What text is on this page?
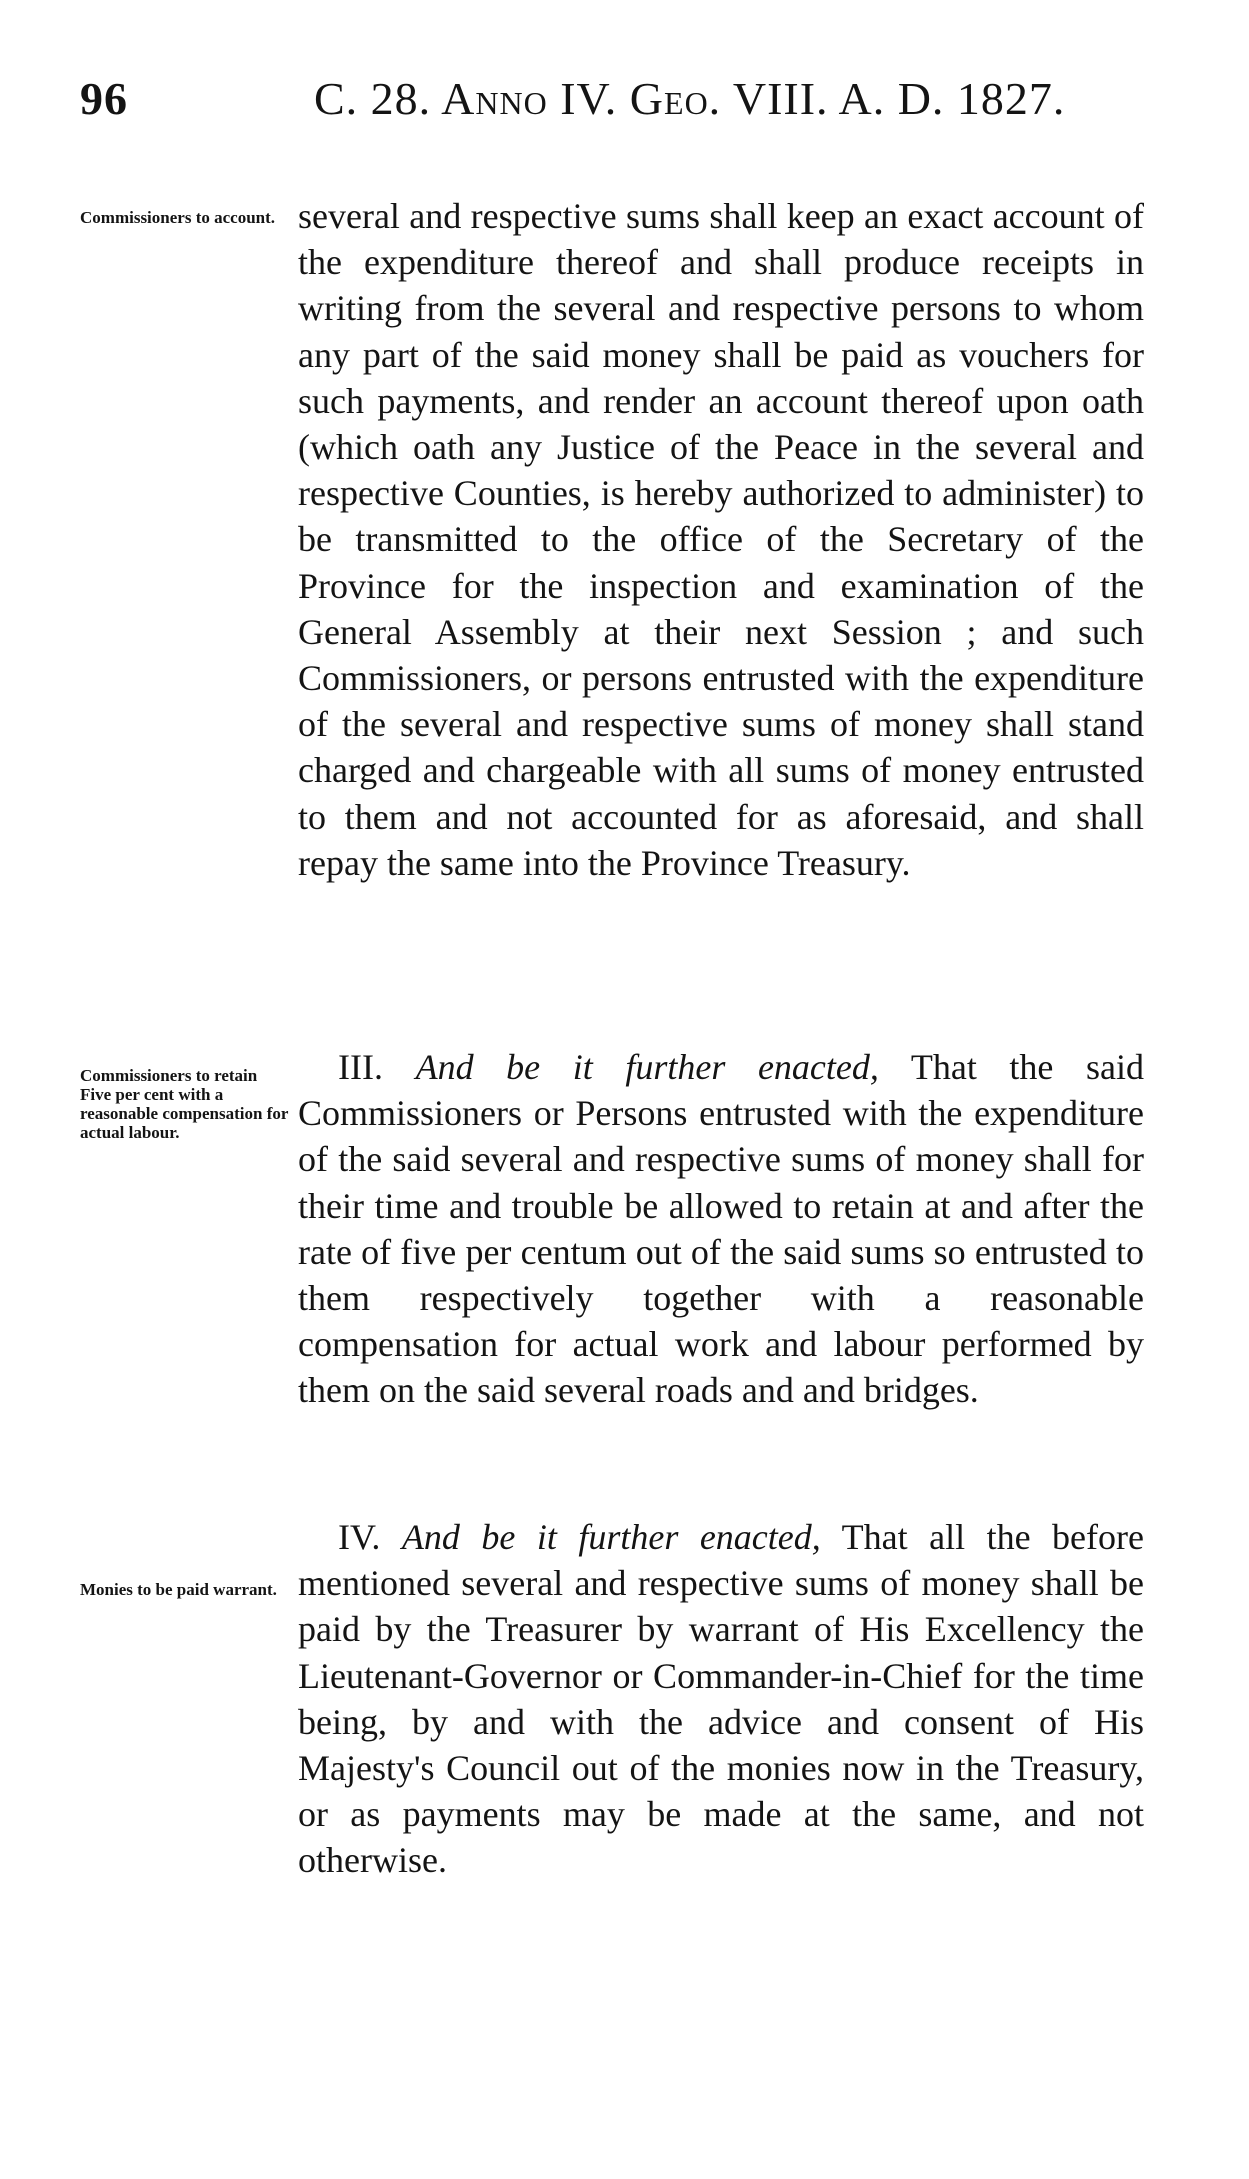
96	C. 28. Anno IV. Geo. VIII. A. D. 1827.
Commissioners to account.
Commissioners to retain Five per cent with a reasonable compensation for actual labour.
Monies to be paid warrant.

several and respective sums shall keep an exact account of the expenditure thereof and shall produce receipts in writing from the several and respective persons to whom any part of the said money shall be paid as vouchers for such payments, and render an account thereof upon oath (which oath any Justice of the Peace in the several and respective Counties, is hereby authorized to administer) to be transmitted to the office of the Secretary of the Province for the inspection and examination of the General Assembly at their next Session ; and such Commissioners, or persons entrusted with the expenditure of the several and respective sums of money shall stand charged and chargeable with all sums of money entrusted to them and not accounted for as aforesaid, and shall repay the same into the Province Treasury.

III. And be it further enacted, That the said Commissioners or Persons entrusted with the expenditure of the said several and respective sums of money shall for their time and trouble be allowed to retain at and after the rate of five per centum out of the said sums so entrusted to them respectively together with a reasonable compensation for actual work and labour performed by them on the said several roads and and bridges.

IV. And be it further enacted, That all the before mentioned several and respective sums of money shall be paid by the Treasurer by warrant of His Excellency the Lieutenant-Governor or Commander-in-Chief for the time being, by and with the advice and consent of His Majesty's Council out of the monies now in the Treasury, or as payments may be made at the same, and not otherwise.
